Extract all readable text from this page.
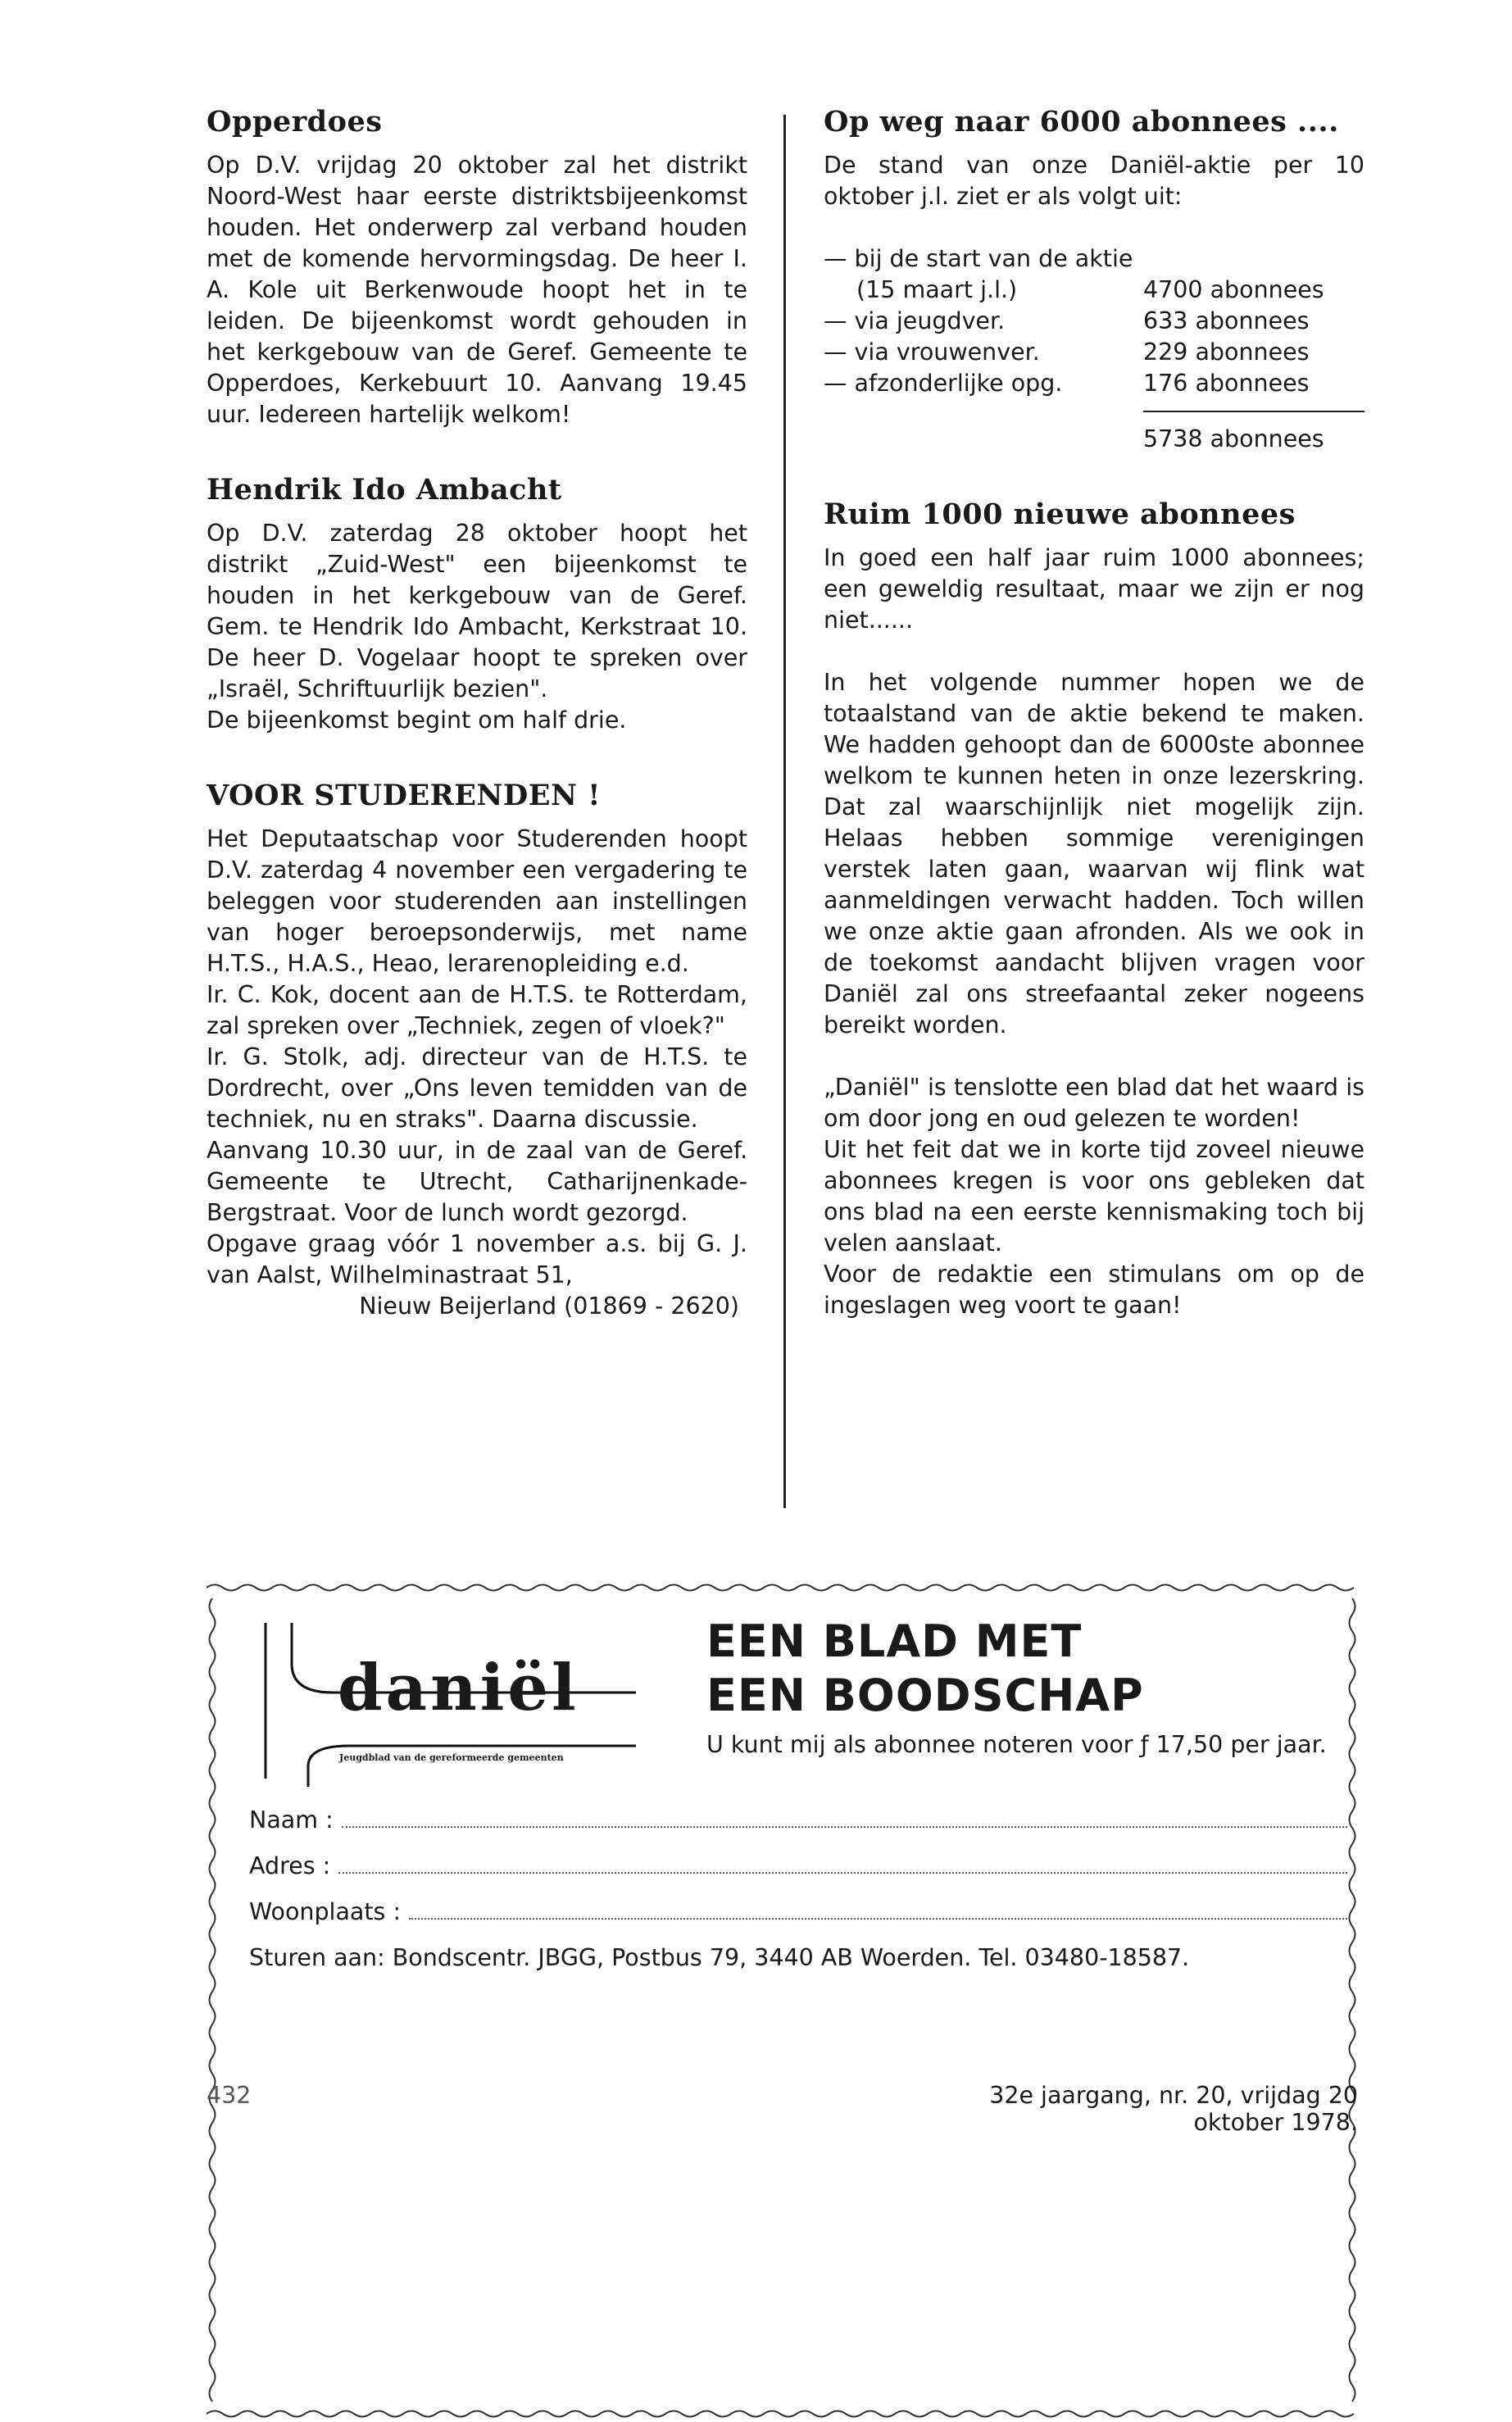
Opperdoes

Op D.V. vrijdag 20 oktober zal het distrikt Noord-West haar eerste distriktsbijeenkomst houden. Het onderwerp zal verband houden met de komende hervormingsdag. De heer I. A. Kole uit Berkenwoude hoopt het in te leiden. De bijeenkomst wordt gehouden in het kerkgebouw van de Geref. Gemeente te Opperdoes, Kerkebuurt 10. Aanvang 19.45 uur. Iedereen hartelijk welkom!

Hendrik Ido Ambacht

Op D.V. zaterdag 28 oktober hoopt het distrikt „Zuid-West" een bijeenkomst te houden in het kerkgebouw van de Geref. Gem. te Hendrik Ido Ambacht, Kerkstraat 10. De heer D. Vogelaar hoopt te spreken over „Israël, Schriftuurlijk bezien".

De bijeenkomst begint om half drie.

VOOR STUDERENDEN !

Het Deputaatschap voor Studerenden hoopt D.V. zaterdag 4 november een vergadering te beleggen voor studerenden aan instellingen van hoger beroepsonderwijs, met name H.T.S., H.A.S., Heao, lerarenopleiding e.d.

Ir. C. Kok, docent aan de H.T.S. te Rotterdam, zal spreken over „Techniek, zegen of vloek?"

Ir. G. Stolk, adj. directeur van de H.T.S. te Dordrecht, over „Ons leven temidden van de techniek, nu en straks". Daarna discussie.

Aanvang 10.30 uur, in de zaal van de Geref. Gemeente te Utrecht, Catharijnenkade-Bergstraat. Voor de lunch wordt gezorgd.

Opgave graag vóór 1 november a.s. bij G. J. van Aalst, Wilhelminastraat 51,

Nieuw Beijerland (01869 - 2620)

Op weg naar 6000 abonnees ....

De stand van onze Daniël-aktie per 10 oktober j.l. ziet er als volgt uit:

— bij de start van de aktie
(15 maart j.l.)	4700 abonnees
— via jeugdver.	633 abonnees
— via vrouwenver.	229 abonnees
— afzonderlijke opg.	176 abonnees
5738 abonnees
Ruim 1000 nieuwe abonnees

In goed een half jaar ruim 1000 abonnees; een geweldig resultaat, maar we zijn er nog niet......

In het volgende nummer hopen we de totaalstand van de aktie bekend te maken. We hadden gehoopt dan de 6000ste abonnee welkom te kunnen heten in onze lezerskring. Dat zal waarschijnlijk niet mogelijk zijn. Helaas hebben sommige verenigingen verstek laten gaan, waarvan wij flink wat aanmeldingen verwacht hadden. Toch willen we onze aktie gaan afronden. Als we ook in de toekomst aandacht blijven vragen voor Daniël zal ons streefaantal zeker nogeens bereikt worden.

„Daniël" is tenslotte een blad dat het waard is om door jong en oud gelezen te worden!

Uit het feit dat we in korte tijd zoveel nieuwe abonnees kregen is voor ons gebleken dat ons blad na een eerste kennismaking toch bij velen aanslaat.

Voor de redaktie een stimulans om op de ingeslagen weg voort te gaan!

daniël
Jeugdblad van de gereformeerde gemeenten
EEN BLAD MET
EEN BOODSCHAP
U kunt mij als abonnee noteren voor ƒ 17,50 per jaar.
Naam :
Adres :
Woonplaats :
Sturen aan: Bondscentr. JBGG, Postbus 79, 3440 AB Woerden. Tel. 03480-18587.
432	32e jaargang, nr. 20, vrijdag 20 oktober 1978.
